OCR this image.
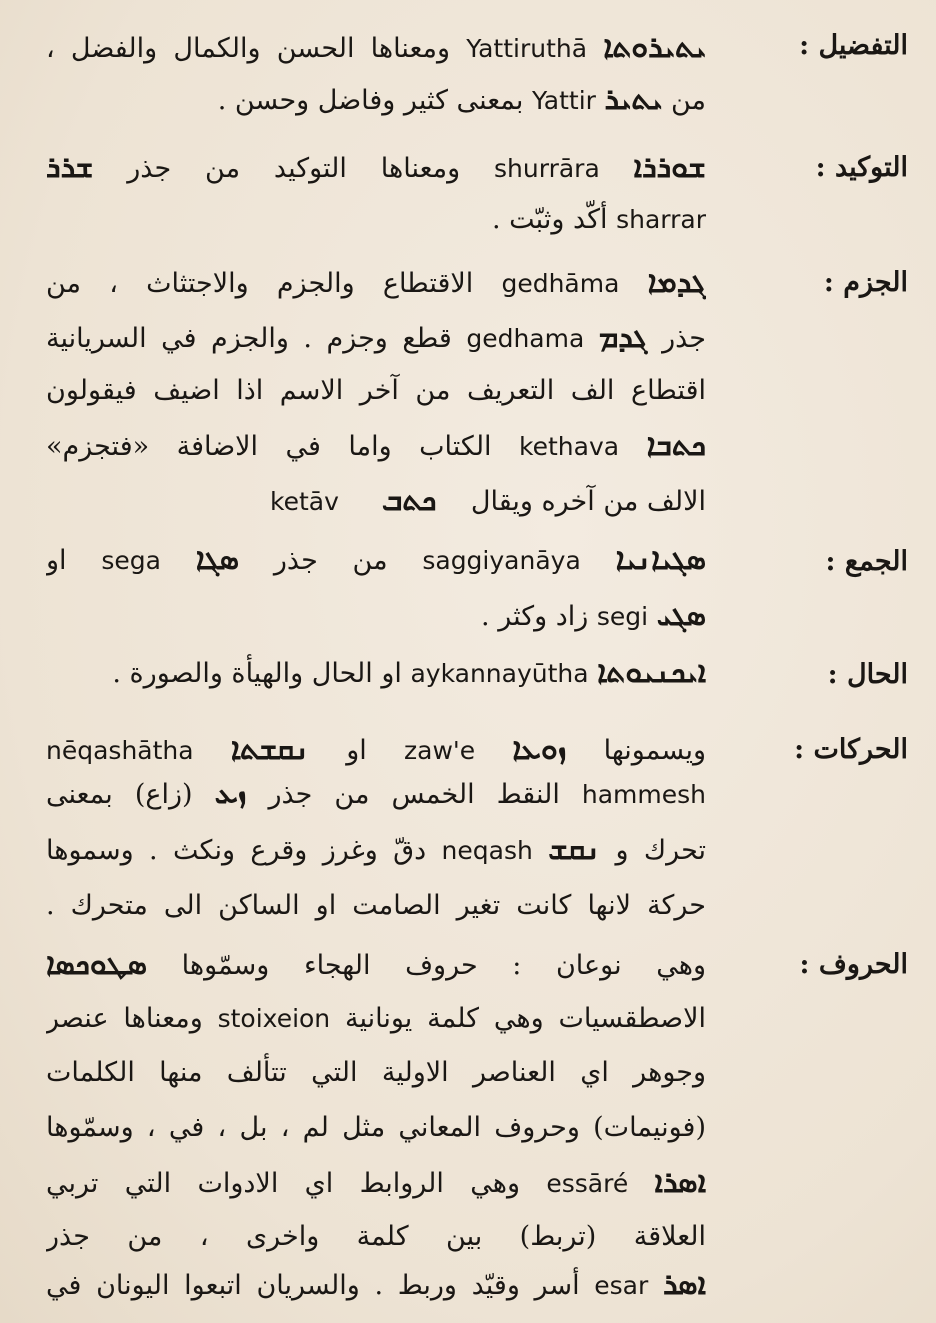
التفضيل :
ܝܬܝܪܘܬܐ Yattiruthā ومعناها الحسن والكمال والفضل ،
من ܝܬܝܪ Yattir بمعنى كثير وفاضل وحسن .
التوكيد :
ܫܘܪܪܐ shurrāra ومعناها التوكيد من جذر ܫܪܪ
sharrar أكّد وثبّت .
الجزم :
ܓܕܡܐ gedhāma الاقتطاع والجزم والاجتثاث ، من
جذر ܓܕܡ gedhama قطع وجزم . والجزم في السريانية
اقتطاع الف التعريف من آخر الاسم اذا اضيف فيقولون
ܟܬܒܐ kethava الكتاب واما في الاضافة «فتجزم»
الالف من آخره ويقال    ܟܬܒ     ketāv
الجمع :
ܣܓܝܐܢܝܐ saggiyanāya من جذر ܣܓܐ sega او
ܣܓܝ segi زاد وكثر .
الحال :
ܐܝܟܢܝܘܬܐ aykannayūtha او الحال والهيأة والصورة .
الحركات :
ويسمونها ܙܘܥܐ zaw'e او ܢܩܫܬܐ nēqashātha
hammesh النقط الخمس من جذر ܙܥ (زاع) بمعنى
تحرك و ܢܩܫ neqash دقّ وغرز وقرع ونكث . وسموها
حركة لانها كانت تغير الصامت او الساكن الى متحرك .
الحروف :
وهي نوعان : حروف الهجاء وسمّوها ܣܛܘܟܣܐ
الاصطقسيات وهي كلمة يونانية stoixeion ومعناها عنصر
وجوهر اي العناصر الاولية التي تتألف منها الكلمات
(فونيمات) وحروف المعاني مثل لم ، بل ، في ، وسمّوها
ܐܣܪܐ essāré وهي الروابط اي الادوات التي تربي
العلاقة (تربط) بين كلمة واخرى ، من جذر
ܐܣܪ esar أسر وقيّد وربط . والسريان اتبعوا اليونان في
